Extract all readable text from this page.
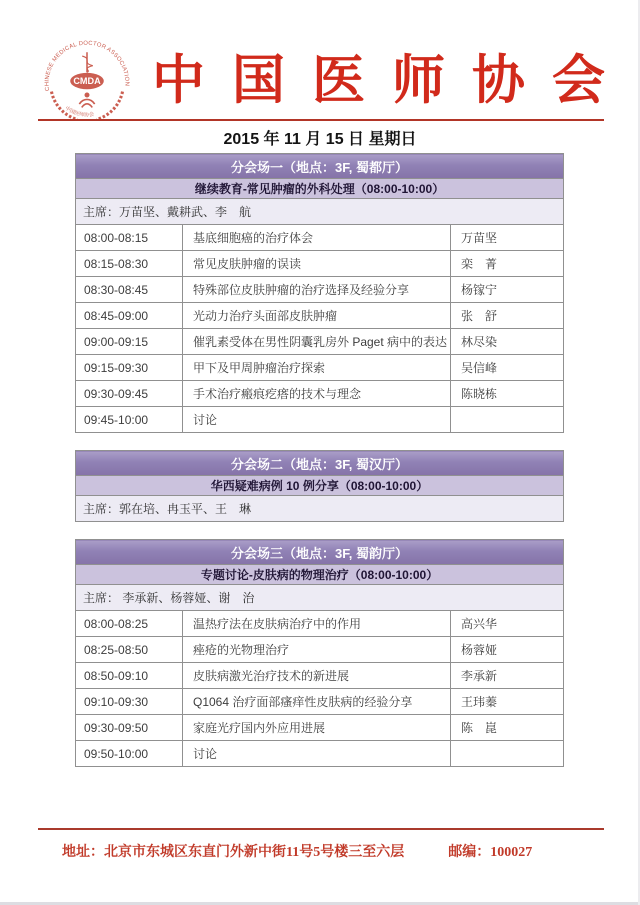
CHINESE MEDICAL DOCTOR ASSOCIATION
CMDA
中国医师协会
中国医师协会
2015 年 11 月 15 日 星期日
分会场一（地点：3F, 蜀都厅）		
继续教育-常见肿瘤的外科处理（08:00-10:00）		
主席：万苗坚、戴耕武、李　航		
08:00-08:15	基底细胞癌的治疗体会	万苗坚
08:15-08:30	常见皮肤肿瘤的误读	栾　菁
08:30-08:45	特殊部位皮肤肿瘤的治疗选择及经验分享	杨镓宁
08:45-09:00	光动力治疗头面部皮肤肿瘤	张　舒
09:00-09:15	催乳素受体在男性阴囊乳房外 Paget 病中的表达	林尽染
09:15-09:30	甲下及甲周肿瘤治疗探索	吴信峰
09:30-09:45	手术治疗瘢痕疙瘩的技术与理念	陈晓栋
09:45-10:00	讨论	
分会场二（地点：3F, 蜀汉厅）
华西疑难病例 10 例分享（08:00-10:00）
主席：郭在培、冉玉平、王　琳
分会场三（地点：3F, 蜀韵厅）		
专题讨论-皮肤病的物理治疗（08:00-10:00）		
主席： 李承新、杨蓉娅、谢　治		
08:00-08:25	温热疗法在皮肤病治疗中的作用	高兴华
08:25-08:50	痤疮的光物理治疗	杨蓉娅
08:50-09:10	皮肤病激光治疗技术的新进展	李承新
09:10-09:30	Q1064 治疗面部瘙痒性皮肤病的经验分享	王玮蓁
09:30-09:50	家庭光疗国内外应用进展	陈　崑
09:50-10:00	讨论	
地址：北京市东城区东直门外新中街11号5号楼三至六层	邮编：100027
